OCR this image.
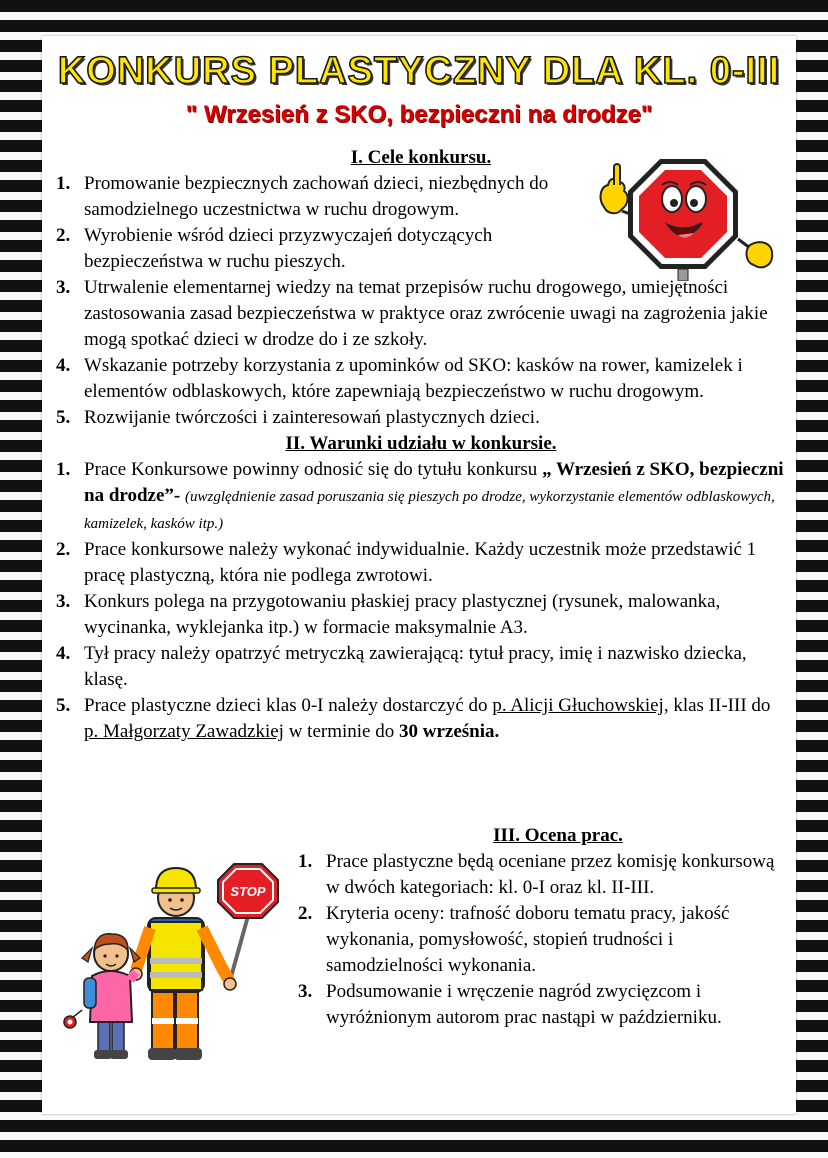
KONKURS PLASTYCZNY DLA KL. 0-III
" Wrzesień z SKO, bezpieczni na drodze"

I. Cele konkursu.

1. Promowanie bezpiecznych zachowań dzieci, niezbędnych do samodzielnego uczestnictwa w ruchu drogowym.
2. Wyrobienie wśród dzieci przyzwyczajeń dotyczących bezpieczeństwa w ruchu pieszych.
3. Utrwalenie elementarnej wiedzy na temat przepisów ruchu drogowego, umiejętności zastosowania zasad bezpieczeństwa w praktyce oraz zwrócenie uwagi na zagrożenia jakie mogą spotkać dzieci w drodze do i ze szkoły.
4. Wskazanie potrzeby korzystania z upominków od SKO: kasków na rower, kamizelek i elementów odblaskowych, które zapewniają bezpieczeństwo w ruchu drogowym.
5. Rozwijanie twórczości i zainteresowań plastycznych dzieci.

II. Warunki udziału w konkursie.

1. Prace Konkursowe powinny odnosić się do tytułu konkursu „ Wrzesień z SKO, bezpieczni na drodze”- (uwzględnienie zasad poruszania się pieszych po drodze, wykorzystanie elementów odblaskowych, kamizelek, kasków itp.)
2. Prace konkursowe należy wykonać indywidualnie. Każdy uczestnik może przedstawić 1 pracę plastyczną, która nie podlega zwrotowi.
3. Konkurs polega na przygotowaniu płaskiej pracy plastycznej (rysunek, malowanka, wycinanka, wyklejanka itp.) w formacie maksymalnie A3.
4. Tył pracy należy opatrzyć metryczką zawierającą: tytuł pracy, imię i nazwisko dziecka, klasę.
5. Prace plastyczne dzieci klas 0-I należy dostarczyć do p. Alicji Głuchowskiej, klas II-III do p. Małgorzaty Zawadzkiej w terminie do 30 września.

III. Ocena prac.

1. Prace plastyczne będą oceniane przez komisję konkursową w dwóch kategoriach: kl. 0-I oraz kl. II-III.
2. Kryteria oceny: trafność doboru tematu pracy, jakość wykonania, pomysłowość, stopień trudności i samodzielności wykonania.
3. Podsumowanie i wręczenie nagród zwycięzcom i wyróżnionym autorom prac nastąpi w październiku.
STOP
